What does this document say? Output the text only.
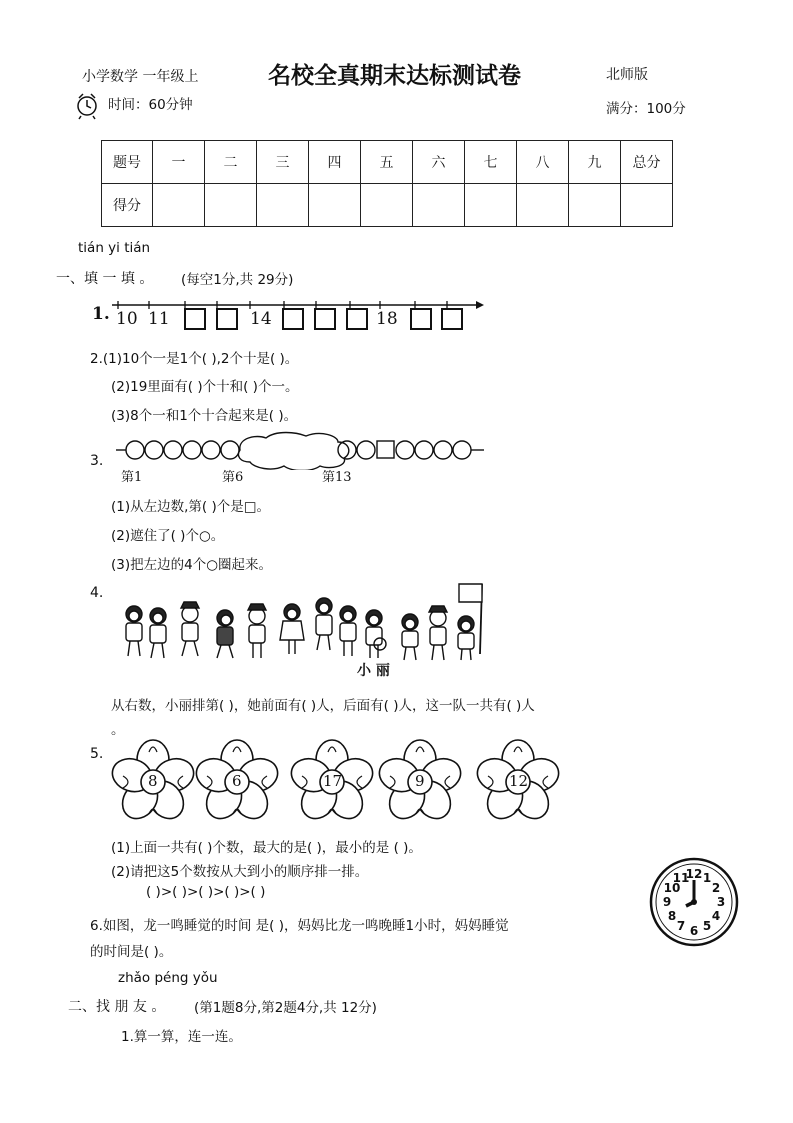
小学数学 一年级上	名校全真期末达标测试卷	北师版
时间：60分钟	满分：100分
题号	一	二	三	四	五	六	七	八	九	总分
得分										
tián yi tián
一、填 一 填 。 (每空1分,共 29分)
1. 10 11	14	18
2.(1)10个一是1个( ),2个十是( )。
(2)19里面有( )个十和( )个一。
(3)8个一和1个十合起来是( )。
3.
第1	第6	第13
(1)从左边数,第( )个是□。
(2)遮住了( )个○。
(3)把左边的4个○圈起来。
4.
小 丽
从右数，小丽排第( )，她前面有( )人，后面有( )人，这一队一共有( )人
。
5.
8	6	17	9	12
(1)上面一共有( )个数，最大的是( )，最小的是 ( )。
(2)请把这5个数按从大到小的顺序排一排。
( )>( )>( )>( )>( )
6.如图，龙一鸣睡觉的时间 是( )，妈妈比龙一鸣晚睡1小时，妈妈睡觉
的时间是( )。
12 1
2
3
4
5
6
7
8
9
10
11
zhǎo péng yǒu
二、找 朋 友 。 (第1题8分,第2题4分,共 12分)
1.算一算，连一连。
